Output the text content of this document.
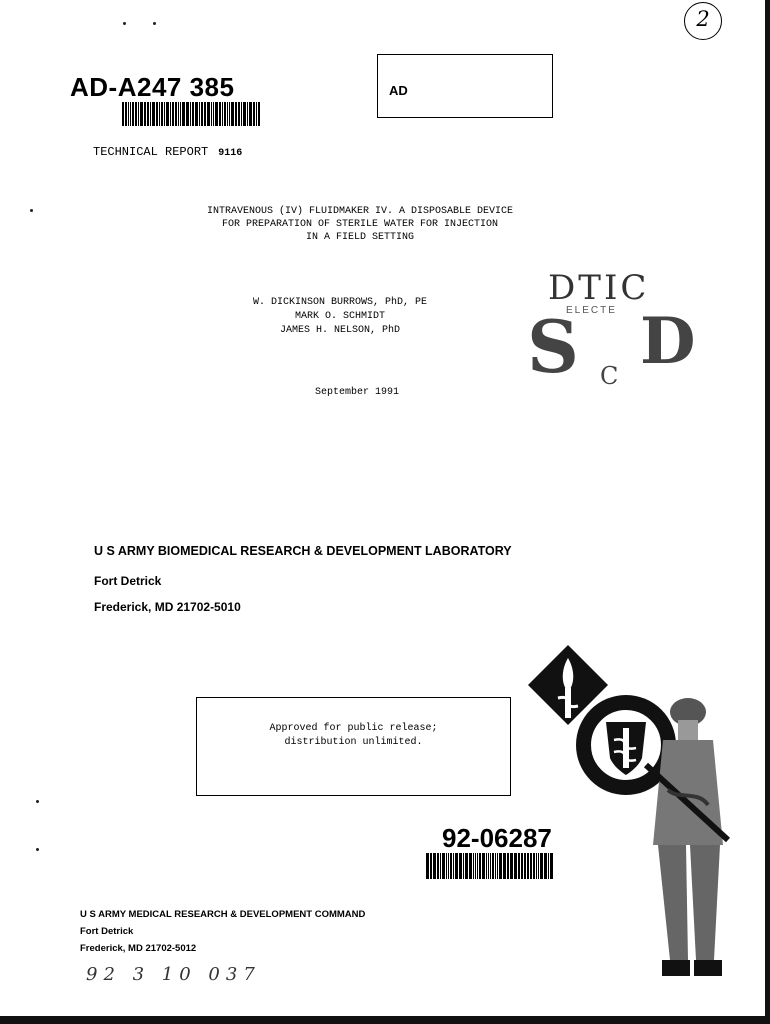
2
AD-A247 385	AD
TECHNICAL REPORT 9116
INTRAVENOUS (IV) FLUIDMAKER IV. A DISPOSABLE DEVICE
FOR PREPARATION OF STERILE WATER FOR INJECTION
IN A FIELD SETTING
W. DICKINSON BURROWS, PhD, PE
MARK O. SCHMIDT
JAMES H. NELSON, PhD
September 1991
DTIC
ELECTE
S D
C
U S ARMY BIOMEDICAL RESEARCH & DEVELOPMENT LABORATORY
Fort Detrick
Frederick, MD 21702-5010
Approved for public release;
distribution unlimited.
92-06287
U S ARMY MEDICAL RESEARCH & DEVELOPMENT COMMAND
Fort Detrick
Frederick, MD 21702-5012
92 3 10 037
